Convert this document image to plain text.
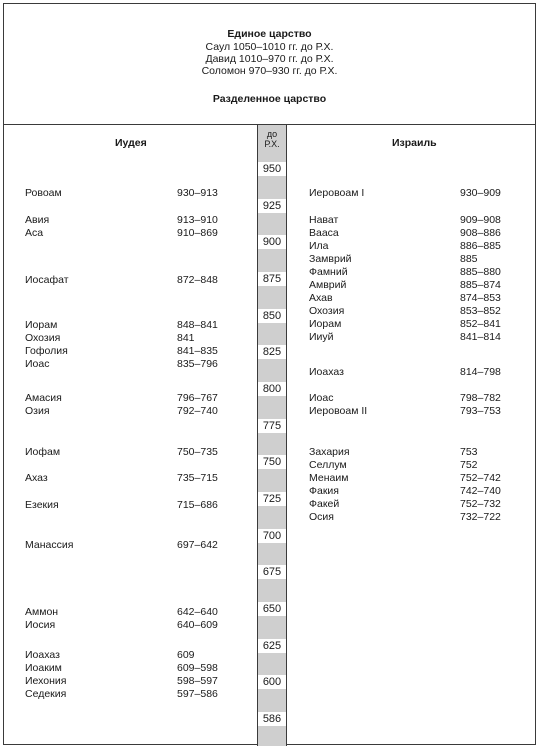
Единое царство
Саул 1050–1010 гг. до Р.Х.
Давид 1010–970 гг. до Р.Х.
Соломон 970–930 гг. до Р.Х.
Разделенное царство
Иудея	Израиль
до
Р.Х.
950
925
900
875
850
825
800
775
750
725
700
675
650
625
600
586
Ровоам	930–913
Авия	913–910
Аса	910–869
Иосафат	872–848
Иорам	848–841
Охозия	841
Гофолия	841–835
Иоас	835–796
Амасия	796–767
Озия	792–740
Иофам	750–735
Ахаз	735–715
Езекия	715–686
Манассия	697–642
Аммон	642–640
Иосия	640–609
Иоахаз	609
Иоаким	609–598
Иехония	598–597
Седекия	597–586
Иеровоам I	930–909
Нават	909–908
Вааса	908–886
Ила	886–885
Замврий	885
Фамний	885–880
Амврий	885–874
Ахав	874–853
Охозия	853–852
Иорам	852–841
Ииуй	841–814
Иоахаз	814–798
Иоас	798–782
Иеровоам II	793–753
Захария	753
Селлум	752
Менаим	752–742
Факия	742–740
Факей	752–732
Осия	732–722
